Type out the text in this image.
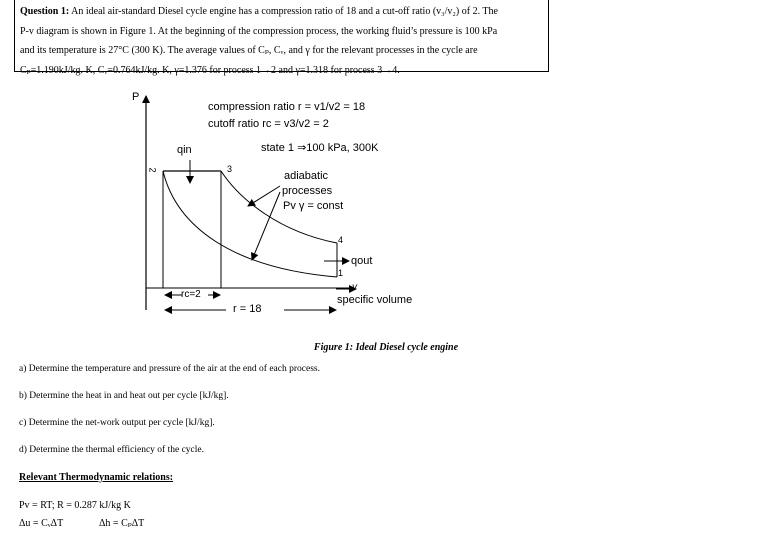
Question 1: An ideal air-standard Diesel cycle engine has a compression ratio of 18 and a cut-off ratio (v₃/v₂) of 2. The
P-v diagram is shown in Figure 1. At the beginning of the compression process, the working fluid’s pressure is 100 kPa
and its temperature is 27°C (300 K). The average values of Cₚ, Cᵥ, and γ for the relevant processes in the cycle are
Cₚ=1.190kJ/kg. K, Cᵥ=0.764kJ/kg. K, γ=1.376 for process 1→2 and γ=1.318 for process 3→4.
P
compression ratio r = v1/v2 = 18
cutoff ratio rc = v3/v2 = 2
state 1 ⇒100 kPa, 300K
qin
2	3
adiabatic
processes
Pv γ = const
4
qout
1
v
specific volume
rc=2
r = 18
Figure 1: Ideal Diesel cycle engine
a) Determine the temperature and pressure of the air at the end of each process.
b) Determine the heat in and heat out per cycle [kJ/kg].
c) Determine the net-work output per cycle [kJ/kg].
d) Determine the thermal efficiency of the cycle.
Relevant Thermodynamic relations:
Pv = RT; R = 0.287 kJ/kg K
Δu = CᵥΔT	Δh = CₚΔT
